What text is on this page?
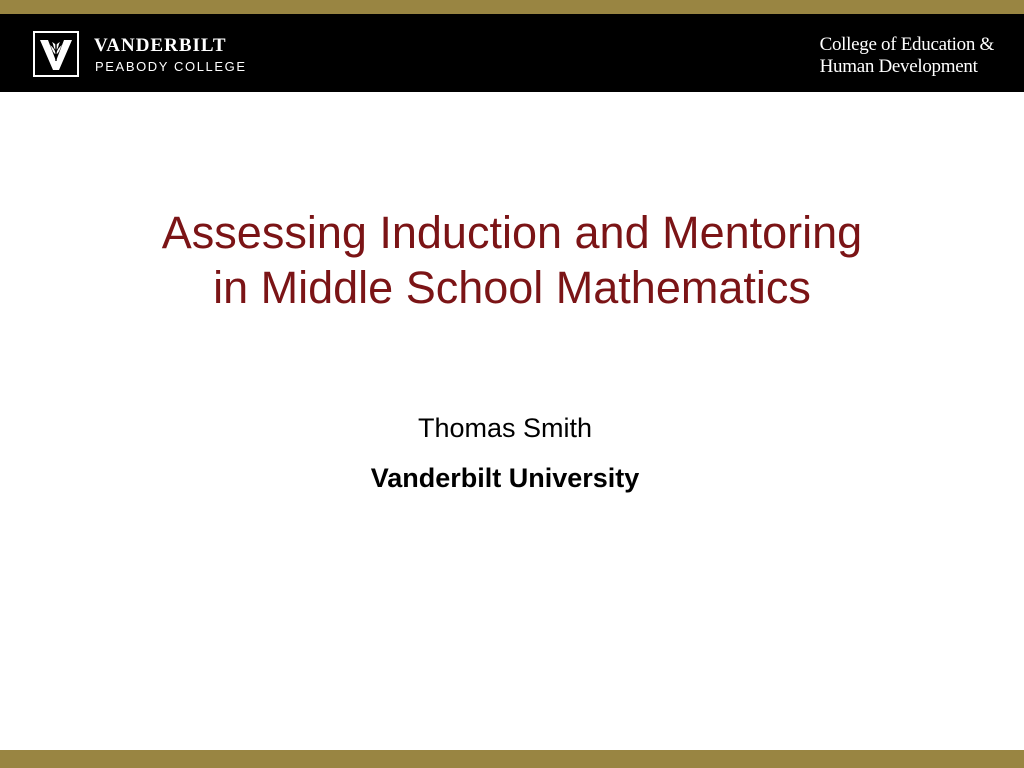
VANDERBILT
PEABODY COLLEGE
College of Education &
Human Development
Assessing Induction and Mentoring
in Middle School Mathematics
Thomas Smith
Vanderbilt University
